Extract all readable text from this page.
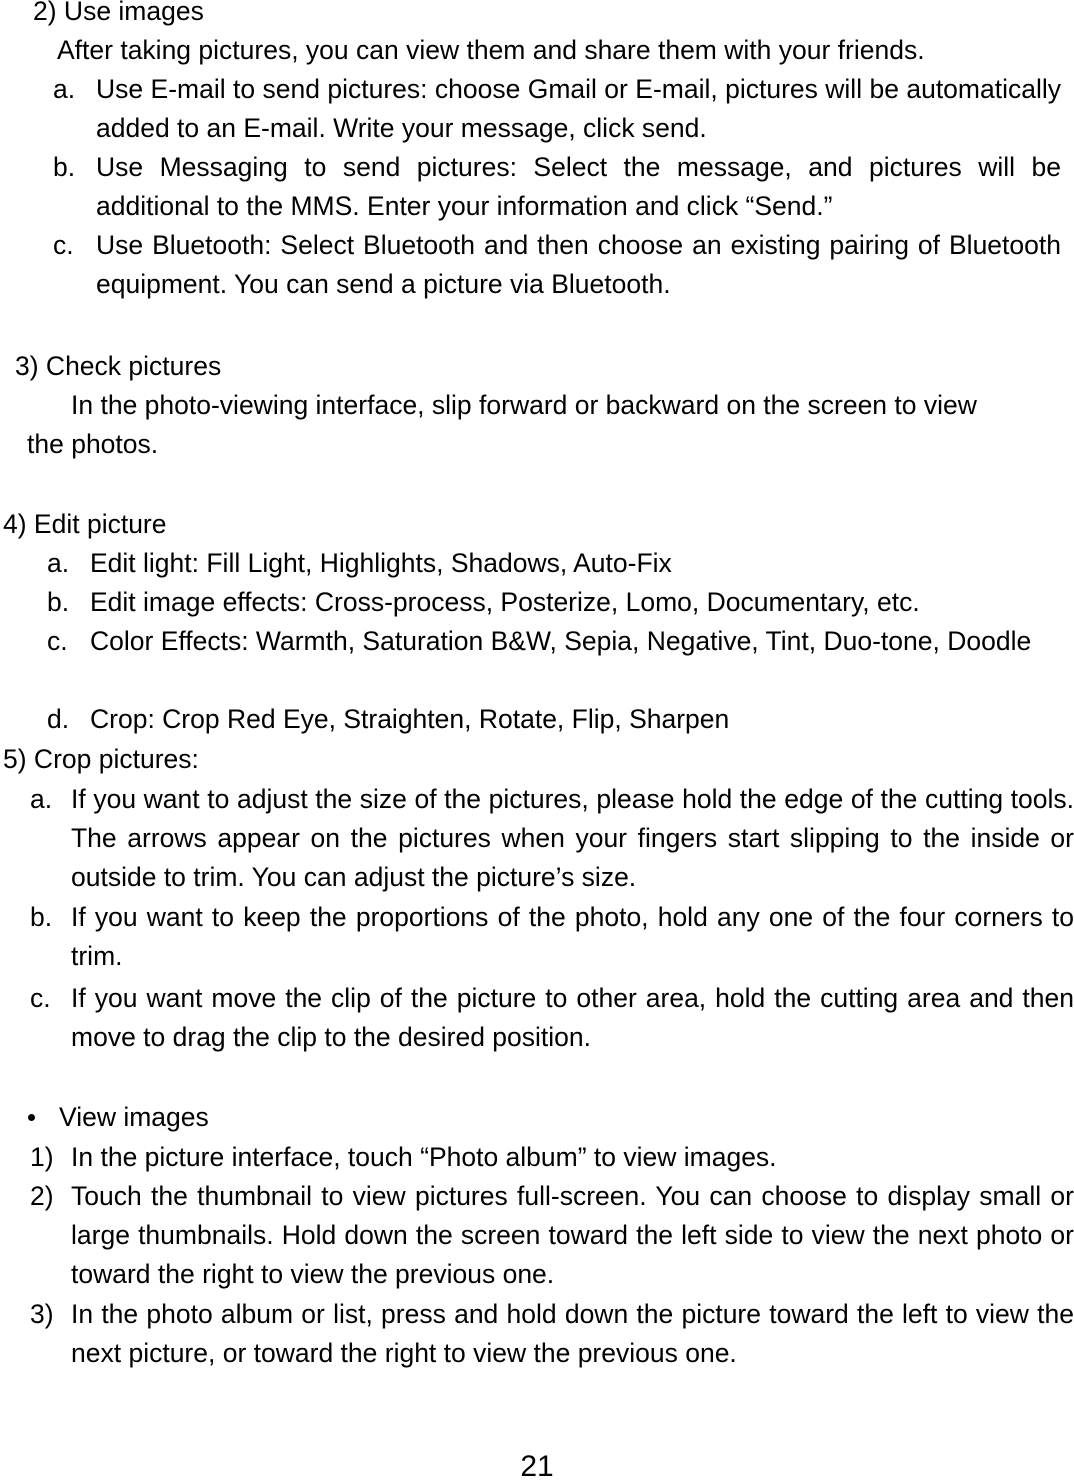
2) Use images
After taking pictures, you can view them and share them with your friends.
a. Use E-mail to send pictures: choose Gmail or E-mail, pictures will be automatically added to an E-mail. Write your message, click send.
b. Use Messaging to send pictures: Select the message, and pictures will be additional to the MMS. Enter your information and click “Send.”
c. Use Bluetooth: Select Bluetooth and then choose an existing pairing of Bluetooth equipment. You can send a picture via Bluetooth.
3) Check pictures
In the photo-viewing interface, slip forward or backward on the screen to view
the photos.
4) Edit picture
a. Edit light: Fill Light, Highlights, Shadows, Auto-Fix
b. Edit image effects: Cross-process, Posterize, Lomo, Documentary, etc.
c. Color Effects: Warmth, Saturation B&W, Sepia, Negative, Tint, Duo-tone, Doodle
d. Crop: Crop Red Eye, Straighten, Rotate, Flip, Sharpen
5) Crop pictures:
a. If you want to adjust the size of the pictures, please hold the edge of the cutting tools. The arrows appear on the pictures when your fingers start slipping to the inside or outside to trim. You can adjust the picture’s size.
b. If you want to keep the proportions of the photo, hold any one of the four corners to trim.
c. If you want move the clip of the picture to other area, hold the cutting area and then move to drag the clip to the desired position.
View images
1) In the picture interface, touch “Photo album” to view images.
2) Touch the thumbnail to view pictures full-screen. You can choose to display small or large thumbnails. Hold down the screen toward the left side to view the next photo or toward the right to view the previous one.
3) In the photo album or list, press and hold down the picture toward the left to view the next picture, or toward the right to view the previous one.
21
